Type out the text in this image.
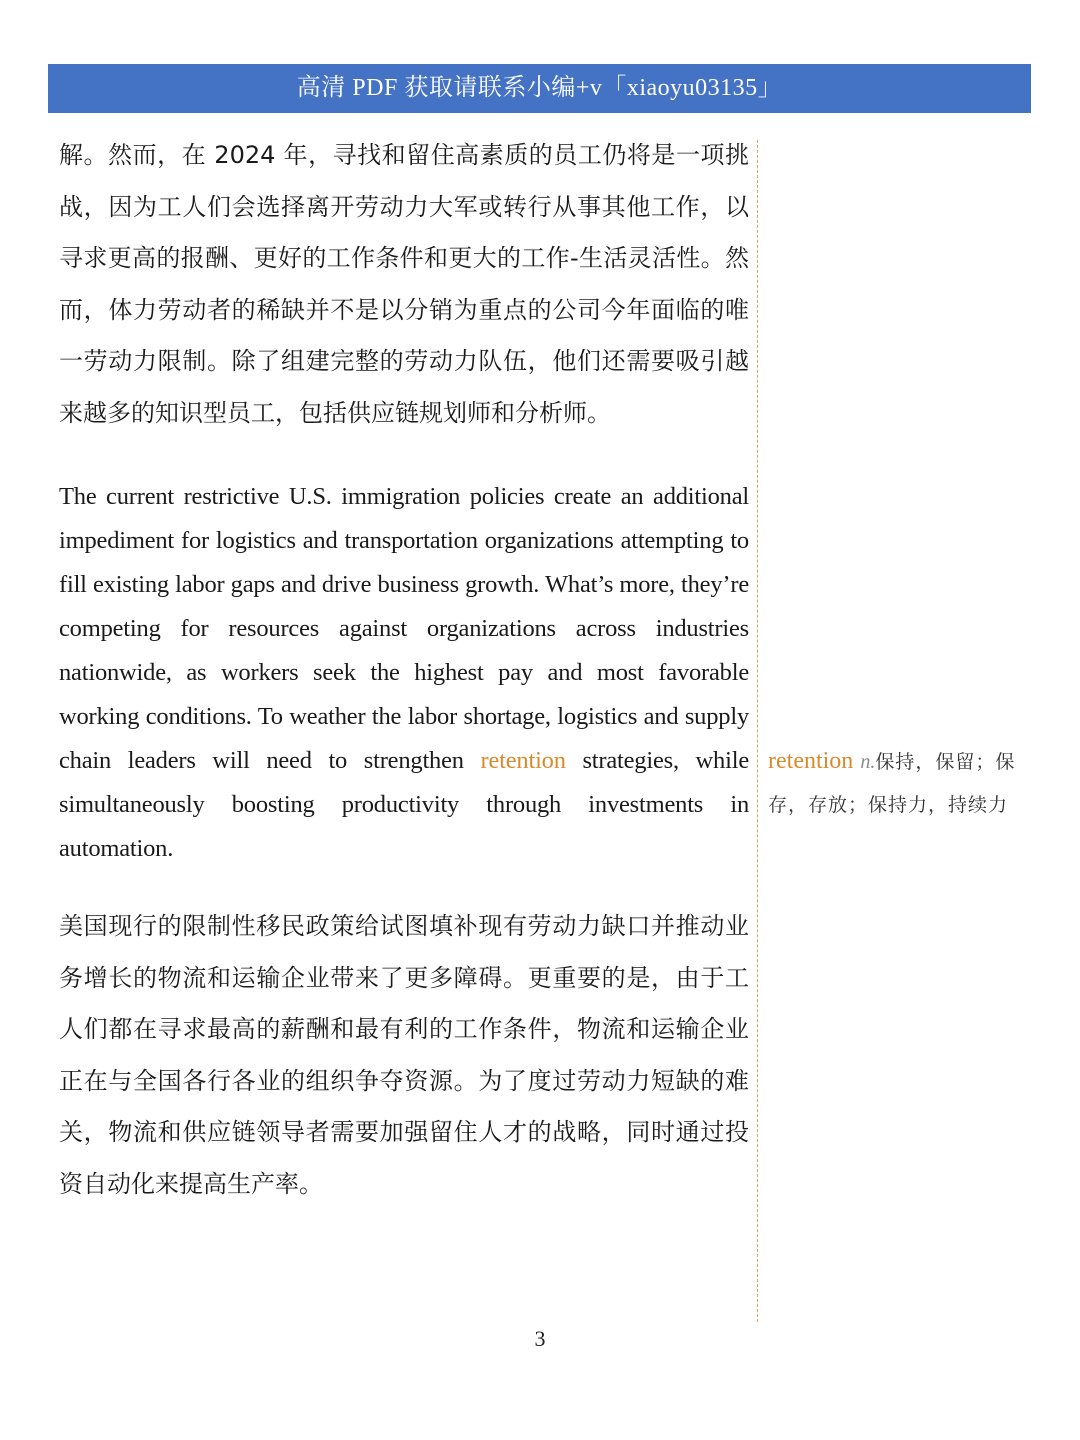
高清 PDF 获取请联系小编+v「xiaoyu03135」

解。然而，在 2024 年，寻找和留住高素质的员工仍将是一项挑战，因为工人们会选择离开劳动力大军或转行从事其他工作，以寻求更高的报酬、更好的工作条件和更大的工作-生活灵活性。然而，体力劳动者的稀缺并不是以分销为重点的公司今年面临的唯一劳动力限制。除了组建完整的劳动力队伍，他们还需要吸引越来越多的知识型员工，包括供应链规划师和分析师。

The current restrictive U.S. immigration policies create an additional impediment for logistics and transportation organizations attempting to fill existing labor gaps and drive business growth. What’s more, they’re competing for resources against organizations across industries nationwide, as workers seek the highest pay and most favorable working conditions. To weather the labor shortage, logistics and supply chain leaders will need to strengthen retention strategies, while simultaneously boosting productivity through investments in automation.

美国现行的限制性移民政策给试图填补现有劳动力缺口并推动业务增长的物流和运输企业带来了更多障碍。更重要的是，由于工人们都在寻求最高的薪酬和最有利的工作条件，物流和运输企业正在与全国各行各业的组织争夺资源。为了度过劳动力短缺的难关，物流和供应链领导者需要加强留住人才的战略，同时通过投资自动化来提高生产率。

retention n.保持，保留；保存，存放；保持力，持续力
3
